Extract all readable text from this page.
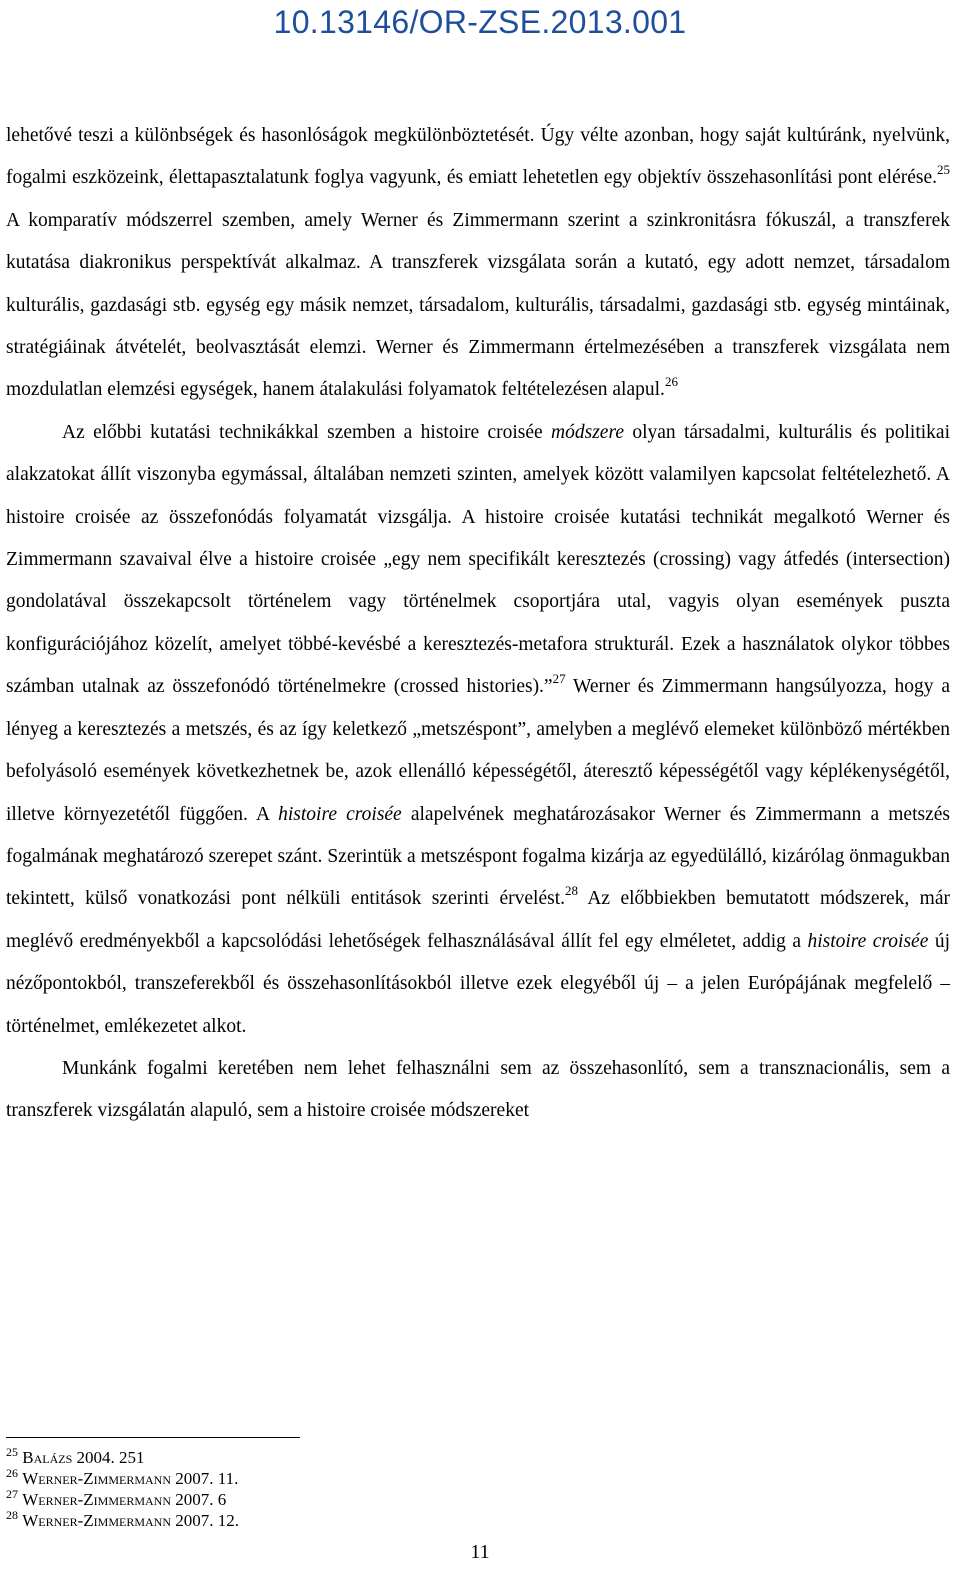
10.13146/OR-ZSE.2013.001

lehetővé teszi a különbségek és hasonlóságok megkülönböztetését. Úgy vélte azonban, hogy saját kultúránk, nyelvünk, fogalmi eszközeink, élettapasztalatunk foglya vagyunk, és emiatt lehetetlen egy objektív összehasonlítási pont elérése.$^{25}$ A komparatív módszerrel szemben, amely Werner és Zimmermann szerint a szinkronitásra fókuszál, a transzferek kutatása diakronikus perspektívát alkalmaz. A transzferek vizsgálata során a kutató, egy adott nemzet, társadalom kulturális, gazdasági stb. egység egy másik nemzet, társadalom, kulturális, társadalmi, gazdasági stb. egység mintáinak, stratégiáinak átvételét, beolvasztását elemzi. Werner és Zimmermann értelmezésében a transzferek vizsgálata nem mozdulatlan elemzési egységek, hanem átalakulási folyamatok feltételezésen alapul.$^{26}$

Az előbbi kutatási technikákkal szemben a histoire croisée módszere olyan társadalmi, kulturális és politikai alakzatokat állít viszonyba egymással, általában nemzeti szinten, amelyek között valamilyen kapcsolat feltételezhető. A histoire croisée az összefonódás folyamatát vizsgálja. A histoire croisée kutatási technikát megalkotó Werner és Zimmermann szavaival élve a histoire croisée „egy nem specifikált keresztezés (crossing) vagy átfedés (intersection) gondolatával összekapcsolt történelem vagy történelmek csoportjára utal, vagyis olyan események puszta konfigurációjához közelít, amelyet többé-kevésbé a keresztezés-metafora strukturál. Ezek a használatok olykor többes számban utalnak az összefonódó történelmekre (crossed histories).”$^{27}$ Werner és Zimmermann hangsúlyozza, hogy a lényeg a keresztezés a metszés, és az így keletkező „metszéspont”, amelyben a meglévő elemeket különböző mértékben befolyásoló események következhetnek be, azok ellenálló képességétől, áteresztő képességétől vagy képlékenységétől, illetve környezetétől függően. A histoire croisée alapelvének meghatározásakor Werner és Zimmermann a metszés fogalmának meghatározó szerepet szánt. Szerintük a metszéspont fogalma kizárja az egyedülálló, kizárólag önmagukban tekintett, külső vonatkozási pont nélküli entitások szerinti érvelést.$^{28}$ Az előbbiekben bemutatott módszerek, már meglévő eredményekből a kapcsolódási lehetőségek felhasználásával állít fel egy elméletet, addig a histoire croisée új nézőpontokból, transzeferekből és összehasonlításokból illetve ezek elegyéből új – a jelen Európájának megfelelő – történelmet, emlékezetet alkot.

Munkánk fogalmi keretében nem lehet felhasználni sem az összehasonlító, sem a transznacionális, sem a transzferek vizsgálatán alapuló, sem a histoire croisée módszereket

$^{25}$ Balázs 2004. 251
$^{26}$ Werner-Zimmermann 2007. 11.
$^{27}$ Werner-Zimmermann 2007. 6
$^{28}$ Werner-Zimmermann 2007. 12.
11
